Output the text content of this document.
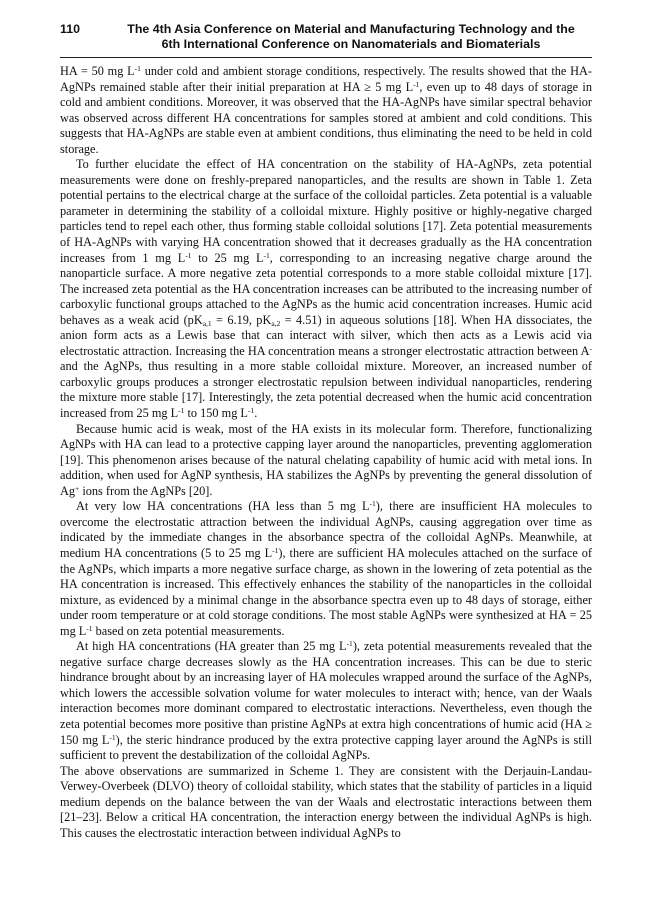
110	The 4th Asia Conference on Material and Manufacturing Technology and the
6th International Conference on Nanomaterials and Biomaterials

HA = 50 mg $L^{-1}$ under cold and ambient storage conditions, respectively. The results showed that the HA-AgNPs remained stable after their initial preparation at HA ≥ 5 mg $L^{-1}$, even up to 48 days of storage in cold and ambient conditions. Moreover, it was observed that the HA-AgNPs have similar spectral behavior was observed across different HA concentrations for samples stored at ambient and cold conditions. This suggests that HA-AgNPs are stable even at ambient conditions, thus eliminating the need to be held in cold storage.

To further elucidate the effect of HA concentration on the stability of HA-AgNPs, zeta potential measurements were done on freshly-prepared nanoparticles, and the results are shown in Table 1. Zeta potential pertains to the electrical charge at the surface of the colloidal particles. Zeta potential is a valuable parameter in determining the stability of a colloidal mixture. Highly positive or highly-negative charged particles tend to repel each other, thus forming stable colloidal solutions [17]. Zeta potential measurements of HA-AgNPs with varying HA concentration showed that it decreases gradually as the HA concentration increases from 1 mg $L^{-1}$ to 25 mg $L^{-1}$, corresponding to an increasing negative charge around the nanoparticle surface. A more negative zeta potential corresponds to a more stable colloidal mixture [17]. The increased zeta potential as the HA concentration increases can be attributed to the increasing number of carboxylic functional groups attached to the AgNPs as the humic acid concentration increases. Humic acid behaves as a weak acid ($pK_{a,1} = 6.19$, $pK_{a,2} = 4.51$) in aqueous solutions [18]. When HA dissociates, the anion form acts as a Lewis base that can interact with silver, which then acts as a Lewis acid via electrostatic attraction. Increasing the HA concentration means a stronger electrostatic attraction between A- and the AgNPs, thus resulting in a more stable colloidal mixture. Moreover, an increased number of carboxylic groups produces a stronger electrostatic repulsion between individual nanoparticles, rendering the mixture more stable [17]. Interestingly, the zeta potential decreased when the humic acid concentration increased from 25 mg $L^{-1}$ to 150 mg $L^{-1}$.

Because humic acid is weak, most of the HA exists in its molecular form. Therefore, functionalizing AgNPs with HA can lead to a protective capping layer around the nanoparticles, preventing agglomeration [19]. This phenomenon arises because of the natural chelating capability of humic acid with metal ions. In addition, when used for AgNP synthesis, HA stabilizes the AgNPs by preventing the general dissolution of Ag+ ions from the AgNPs [20].

At very low HA concentrations (HA less than 5 mg $L^{-1}$), there are insufficient HA molecules to overcome the electrostatic attraction between the individual AgNPs, causing aggregation over time as indicated by the immediate changes in the absorbance spectra of the colloidal AgNPs. Meanwhile, at medium HA concentrations (5 to 25 mg $L^{-1}$), there are sufficient HA molecules attached on the surface of the AgNPs, which imparts a more negative surface charge, as shown in the lowering of zeta potential as the HA concentration is increased. This effectively enhances the stability of the nanoparticles in the colloidal mixture, as evidenced by a minimal change in the absorbance spectra even up to 48 days of storage, either under room temperature or at cold storage conditions. The most stable AgNPs were synthesized at HA = 25 mg $L^{-1}$ based on zeta potential measurements.

At high HA concentrations (HA greater than 25 mg $L^{-1}$), zeta potential measurements revealed that the negative surface charge decreases slowly as the HA concentration increases. This can be due to steric hindrance brought about by an increasing layer of HA molecules wrapped around the surface of the AgNPs, which lowers the accessible solvation volume for water molecules to interact with; hence, van der Waals interaction becomes more dominant compared to electrostatic interactions. Nevertheless, even though the zeta potential becomes more positive than pristine AgNPs at extra high concentrations of humic acid (HA ≥ 150 mg $L^{-1}$), the steric hindrance produced by the extra protective capping layer around the AgNPs is still sufficient to prevent the destabilization of the colloidal AgNPs.

The above observations are summarized in Scheme 1. They are consistent with the Derjauin-Landau-Verwey-Overbeek (DLVO) theory of colloidal stability, which states that the stability of particles in a liquid medium depends on the balance between the van der Waals and electrostatic interactions between them [21–23]. Below a critical HA concentration, the interaction energy between the individual AgNPs is high. This causes the electrostatic interaction between individual AgNPs to
